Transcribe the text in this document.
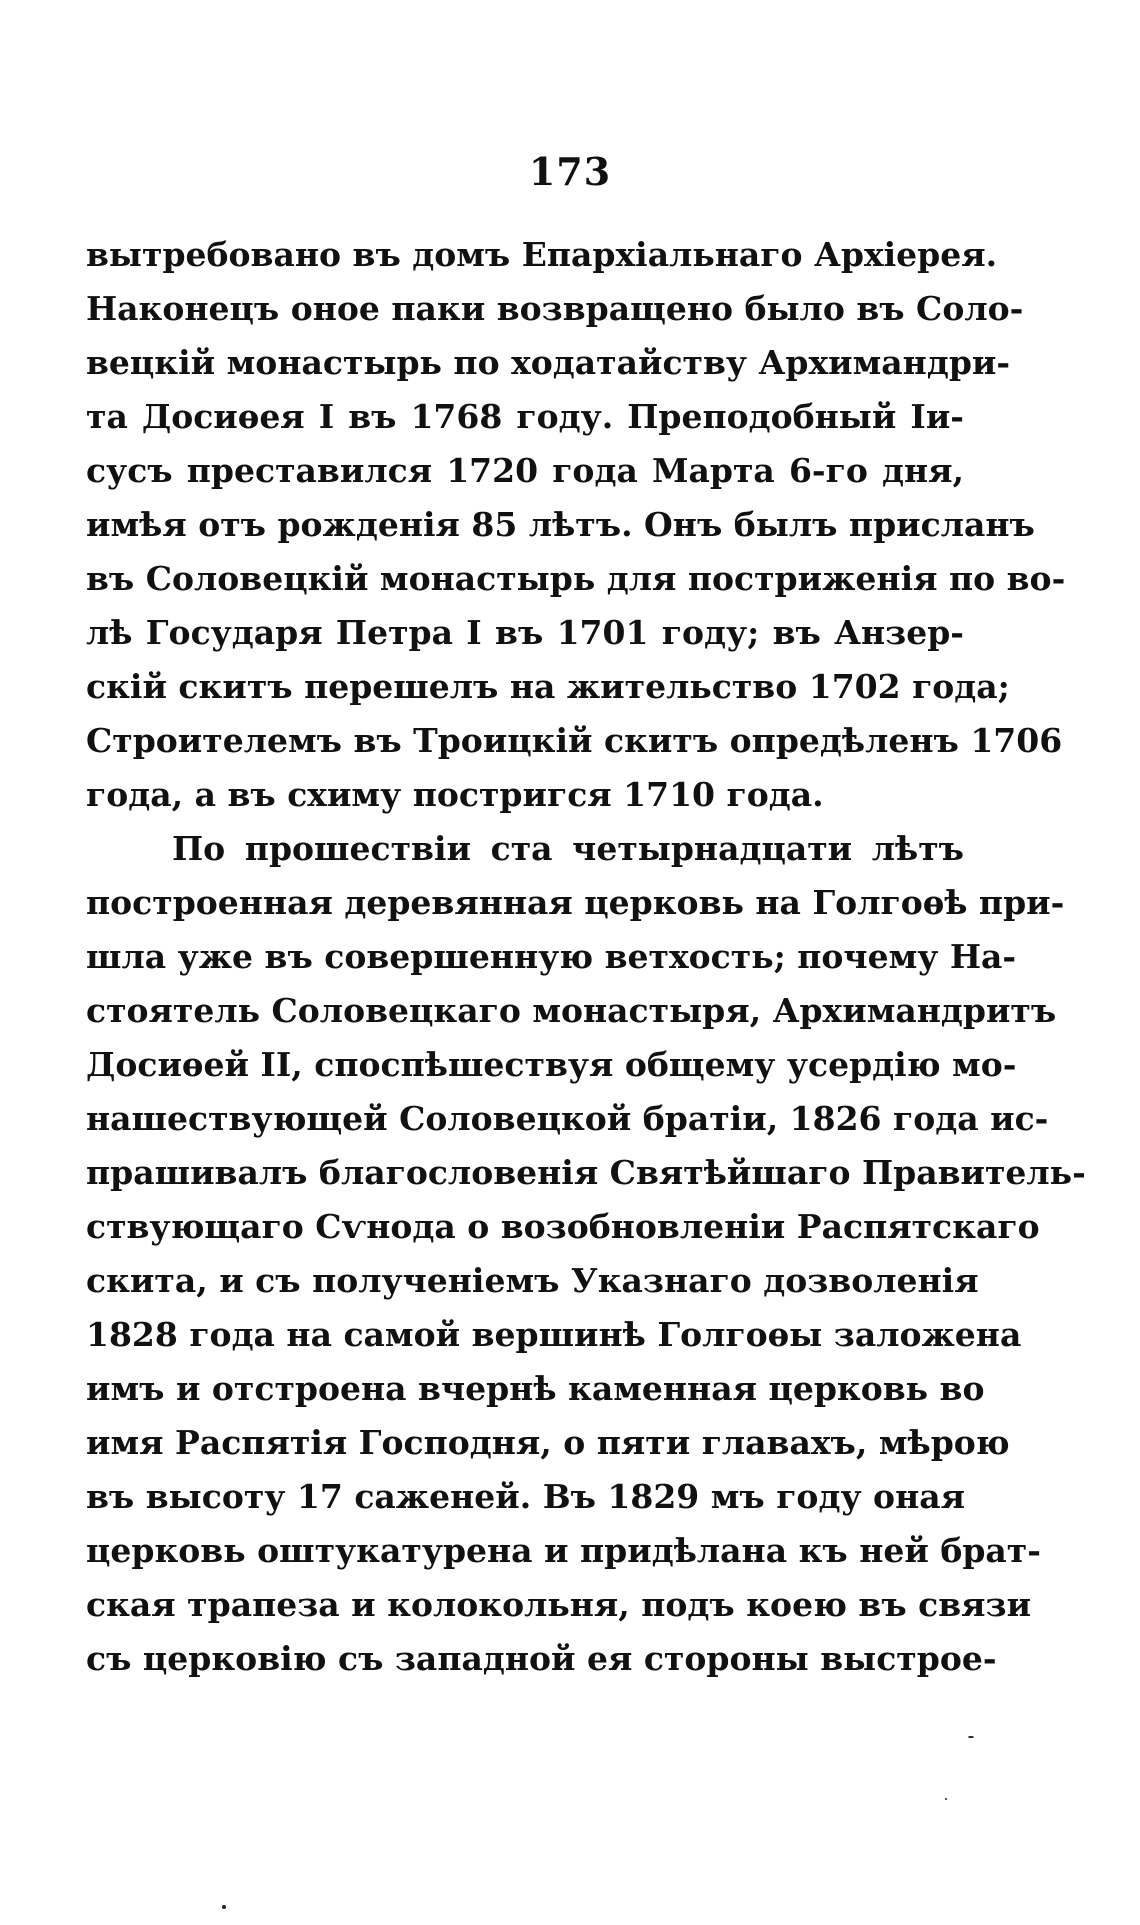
173
вытребовано въ домъ Епархіальнаго Архіерея.
Наконецъ оное паки возвращено было въ Соло-
вецкій монастырь по ходатайству Архимандри-
та Досиѳея I въ 1768 году. Преподобный Іи-
сусъ преставился 1720 года Марта 6-го дня,
имѣя отъ рожденія 85 лѣтъ. Онъ былъ присланъ
въ Соловецкій монастырь для постриженія по во-
лѣ Государя Петра I въ 1701 году; въ Анзер-
скій скитъ перешелъ на жительство 1702 года;
Строителемъ въ Троицкій скитъ опредѣленъ 1706
года, а въ схиму постригся 1710 года.
По прошествіи ста четырнадцати лѣтъ
построенная деревянная церковь на Голгоѳѣ при-
шла уже въ совершенную ветхость; почему На-
стоятель Соловецкаго монастыря, Архимандритъ
Досиѳей II, споспѣшествуя общему усердію мо-
нашествующей Соловецкой братіи, 1826 года ис-
прашивалъ благословенія Святѣйшаго Правитель-
ствующаго Сѵнода о возобновленіи Распятскаго
скита, и съ полученіемъ Указнаго дозволенія
1828 года на самой вершинѣ Голгоѳы заложена
имъ и отстроена вчернѣ каменная церковь во
имя Распятія Господня, о пяти главахъ, мѣрою
въ высоту 17 саженей. Въ 1829 мъ году оная
церковь оштукатурена и придѣлана къ ней брат-
ская трапеза и колокольня, подъ коею въ связи
съ церковію съ западной ея стороны выстрое-
